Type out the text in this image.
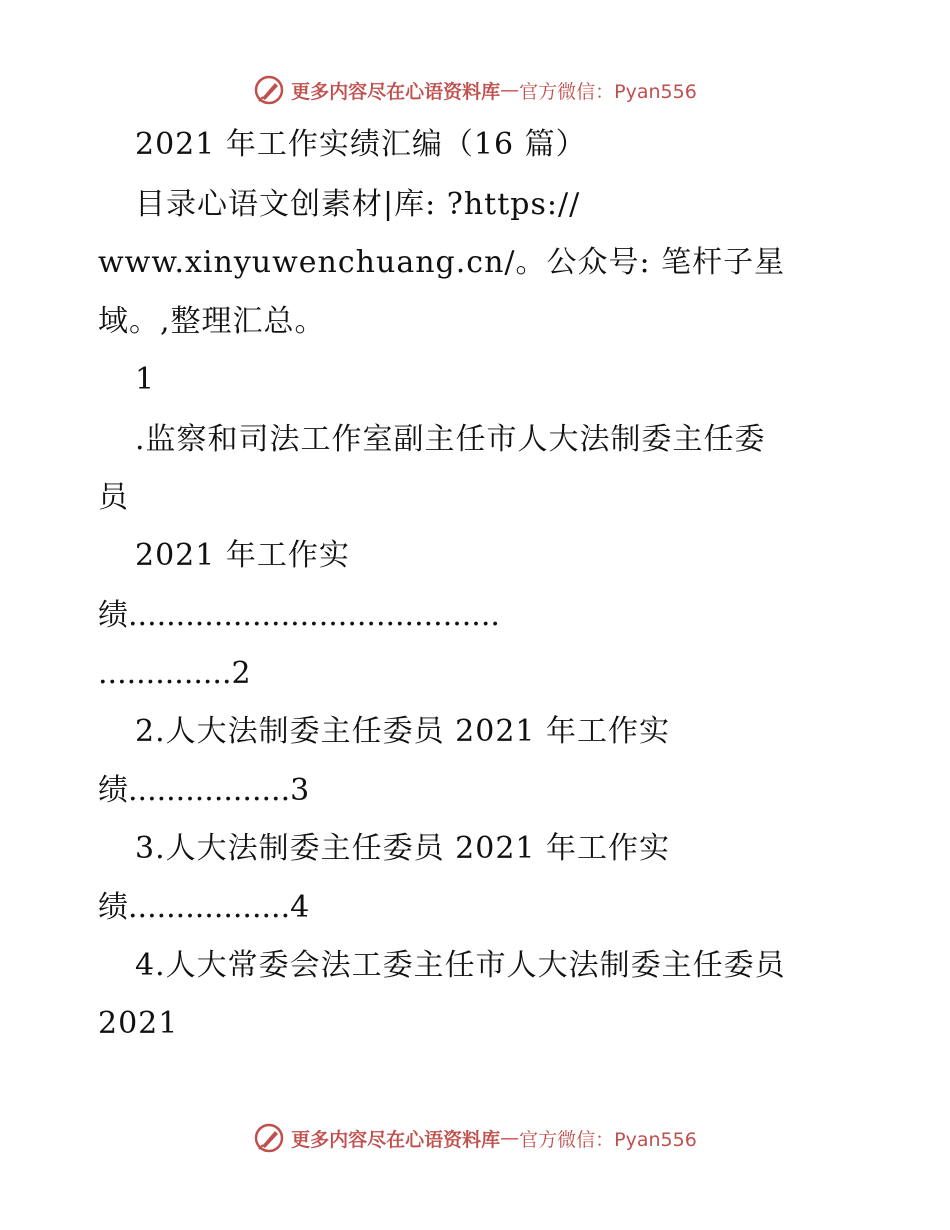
更多内容尽在心语资料库 — 官方微信：Pyan556
2021 年工作实绩汇编（16 篇）
目录心语文创素材|库: ?https://
www.xinyuwenchuang.cn/。公众号: 笔杆子星
域。,整理汇总。
1
.监察和司法工作室副主任市人大法制委主任委
员
2021 年工作实
绩.......................................
..............2
2.人大法制委主任委员 2021 年工作实
绩.................3
3.人大法制委主任委员 2021 年工作实
绩.................4
4.人大常委会法工委主任市人大法制委主任委员
2021
更多内容尽在心语资料库 — 官方微信：Pyan556
